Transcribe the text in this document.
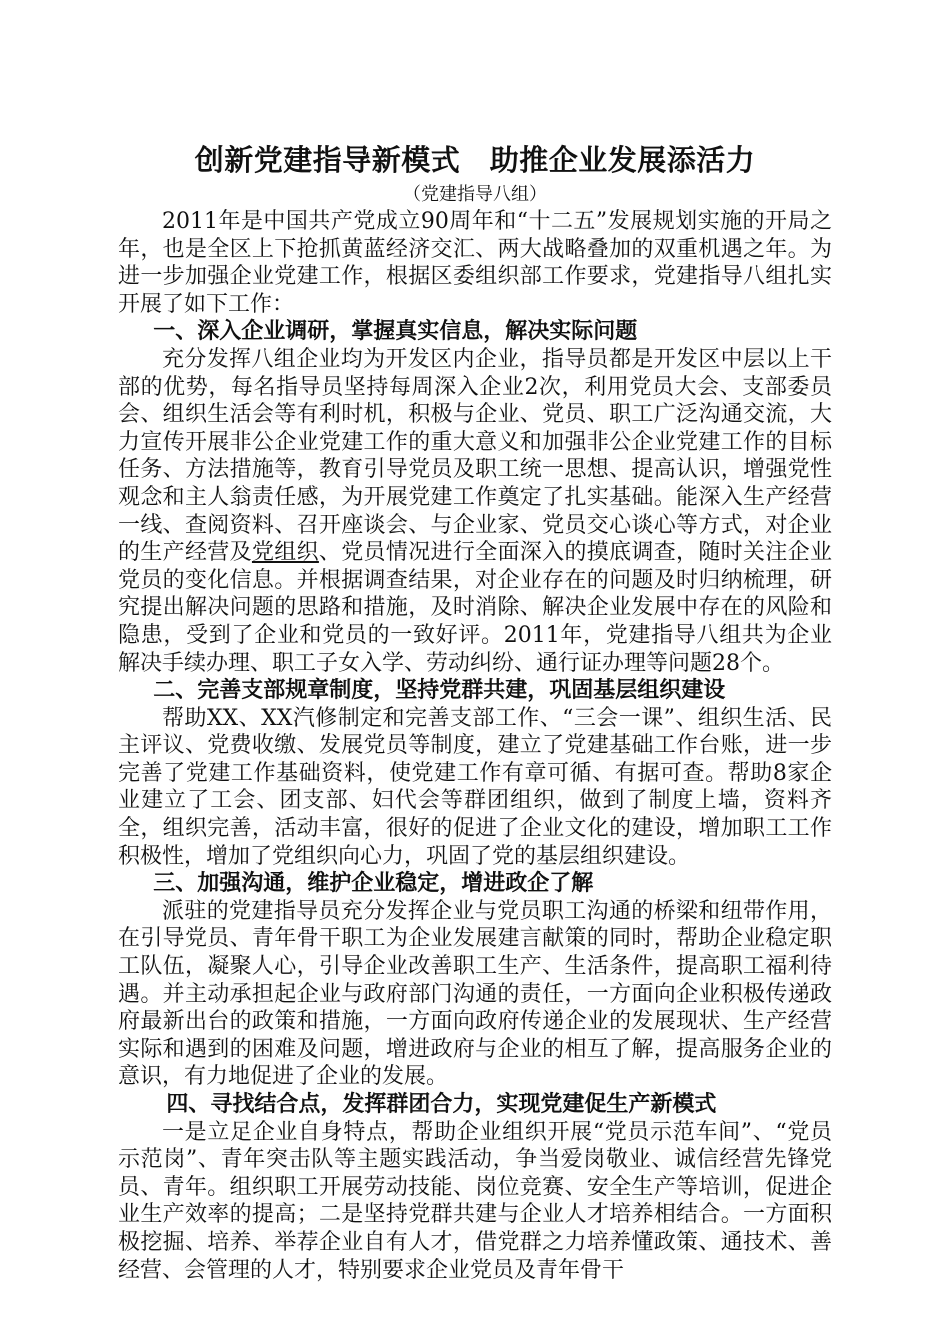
创新党建指导新模式　助推企业发展添活力
（党建指导八组）

2011年是中国共产党成立90周年和“十二五”发展规划实施的开局之年，也是全区上下抢抓黄蓝经济交汇、两大战略叠加的双重机遇之年。为进一步加强企业党建工作，根据区委组织部工作要求，党建指导八组扎实开展了如下工作：

一、深入企业调研，掌握真实信息，解决实际问题

充分发挥八组企业均为开发区内企业，指导员都是开发区中层以上干部的优势，每名指导员坚持每周深入企业2次，利用党员大会、支部委员会、组织生活会等有利时机，积极与企业、党员、职工广泛沟通交流，大力宣传开展非公企业党建工作的重大意义和加强非公企业党建工作的目标任务、方法措施等，教育引导党员及职工统一思想、提高认识，增强党性观念和主人翁责任感，为开展党建工作奠定了扎实基础。能深入生产经营一线、查阅资料、召开座谈会、与企业家、党员交心谈心等方式，对企业的生产经营及党组织、党员情况进行全面深入的摸底调查，随时关注企业党员的变化信息。并根据调查结果，对企业存在的问题及时归纳梳理，研究提出解决问题的思路和措施，及时消除、解决企业发展中存在的风险和隐患，受到了企业和党员的一致好评。2011年，党建指导八组共为企业解决手续办理、职工子女入学、劳动纠纷、通行证办理等问题28个。

二、完善支部规章制度，坚持党群共建，巩固基层组织建设

帮助XX、XX汽修制定和完善支部工作、“三会一课”、组织生活、民主评议、党费收缴、发展党员等制度，建立了党建基础工作台账，进一步完善了党建工作基础资料，使党建工作有章可循、有据可查。帮助8家企业建立了工会、团支部、妇代会等群团组织，做到了制度上墙，资料齐全，组织完善，活动丰富，很好的促进了企业文化的建设，增加职工工作积极性，增加了党组织向心力，巩固了党的基层组织建设。

三、加强沟通，维护企业稳定，增进政企了解

派驻的党建指导员充分发挥企业与党员职工沟通的桥梁和纽带作用，在引导党员、青年骨干职工为企业发展建言献策的同时，帮助企业稳定职工队伍，凝聚人心，引导企业改善职工生产、生活条件，提高职工福利待遇。并主动承担起企业与政府部门沟通的责任，一方面向企业积极传递政府最新出台的政策和措施，一方面向政府传递企业的发展现状、生产经营实际和遇到的困难及问题，增进政府与企业的相互了解，提高服务企业的意识，有力地促进了企业的发展。

四、寻找结合点，发挥群团合力，实现党建促生产新模式

一是立足企业自身特点，帮助企业组织开展“党员示范车间”、“党员示范岗”、青年突击队等主题实践活动，争当爱岗敬业、诚信经营先锋党员、青年。组织职工开展劳动技能、岗位竞赛、安全生产等培训，促进企业生产效率的提高；二是坚持党群共建与企业人才培养相结合。一方面积极挖掘、培养、举荐企业自有人才，借党群之力培养懂政策、通技术、善经营、会管理的人才，特别要求企业党员及青年骨干
